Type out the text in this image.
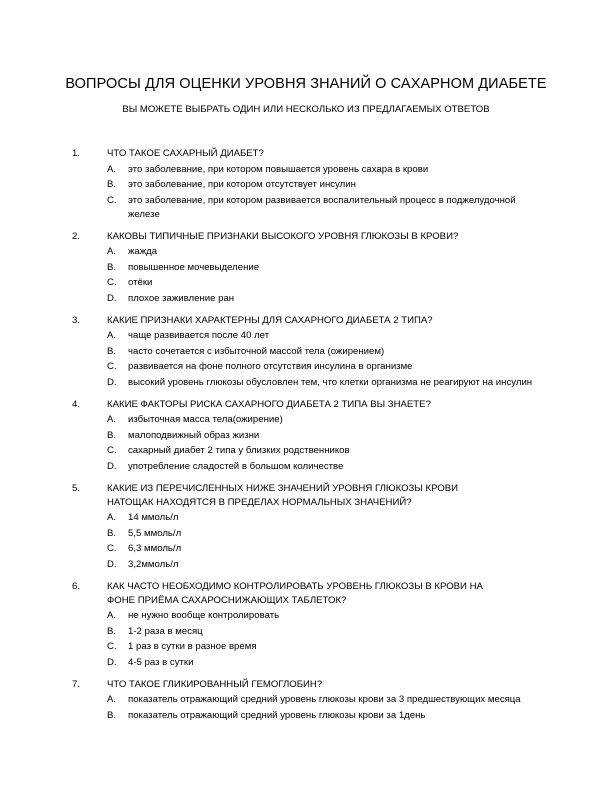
ВОПРОСЫ ДЛЯ ОЦЕНКИ УРОВНЯ ЗНАНИЙ О САХАРНОМ ДИАБЕТЕ
ВЫ МОЖЕТЕ ВЫБРАТЬ ОДИН ИЛИ НЕСКОЛЬКО ИЗ ПРЕДЛАГАЕМЫХ ОТВЕТОВ
1.	ЧТО ТАКОЕ САХАРНЫЙ ДИАБЕТ?
A. это заболевание, при котором повышается уровень сахара в крови
B. это заболевание, при котором отсутствует инсулин
C. это заболевание, при котором развивается воспалительный процесс в поджелудочной железе
2.	КАКОВЫ ТИПИЧНЫЕ ПРИЗНАКИ ВЫСОКОГО УРОВНЯ ГЛЮКОЗЫ В КРОВИ?
A. жажда
B. повышенное мочевыделение
C. отёки
D. плохое заживление ран
3.	КАКИЕ ПРИЗНАКИ ХАРАКТЕРНЫ ДЛЯ САХАРНОГО ДИАБЕТА 2 ТИПА?
A. чаще развивается после 40 лет
B. часто сочетается с избыточной массой тела (ожирением)
C. развивается на фоне полного отсутствия инсулина в организме
D. высокий уровень глюкозы обусловлен тем, что клетки организма не реагируют на инсулин
4.	КАКИЕ ФАКТОРЫ РИСКА САХАРНОГО ДИАБЕТА 2 ТИПА ВЫ ЗНАЕТЕ?
A. избыточная масса тела(ожирение)
B. малоподвижный образ жизни
C. сахарный диабет 2 типа у близких родственников
D. употребление сладостей в большом количестве
5.	КАКИЕ ИЗ ПЕРЕЧИСЛЕННЫХ НИЖЕ ЗНАЧЕНИЙ УРОВНЯ ГЛЮКОЗЫ КРОВИ НАТОЩАК НАХОДЯТСЯ В ПРЕДЕЛАХ НОРМАЛЬНЫХ ЗНАЧЕНИЙ?
A. 14 ммоль/л
B. 5,5 ммоль/л
C. 6,3 ммоль/л
D. 3,2ммоль/л
6.	КАК ЧАСТО НЕОБХОДИМО КОНТРОЛИРОВАТЬ УРОВЕНЬ ГЛЮКОЗЫ В КРОВИ НА ФОНЕ ПРИЁМА САХАРОСНИЖАЮЩИХ ТАБЛЕТОК?
A. не нужно вообще контролировать
B. 1-2 раза в месяц
C. 1 раз в сутки в разное время
D. 4-5 раз в сутки
7.	ЧТО ТАКОЕ ГЛИКИРОВАННЫЙ ГЕМОГЛОБИН?
A. показатель отражающий средний уровень глюкозы крови за 3 предшествующих месяца
B. показатель отражающий средний уровень глюкозы крови за 1день
